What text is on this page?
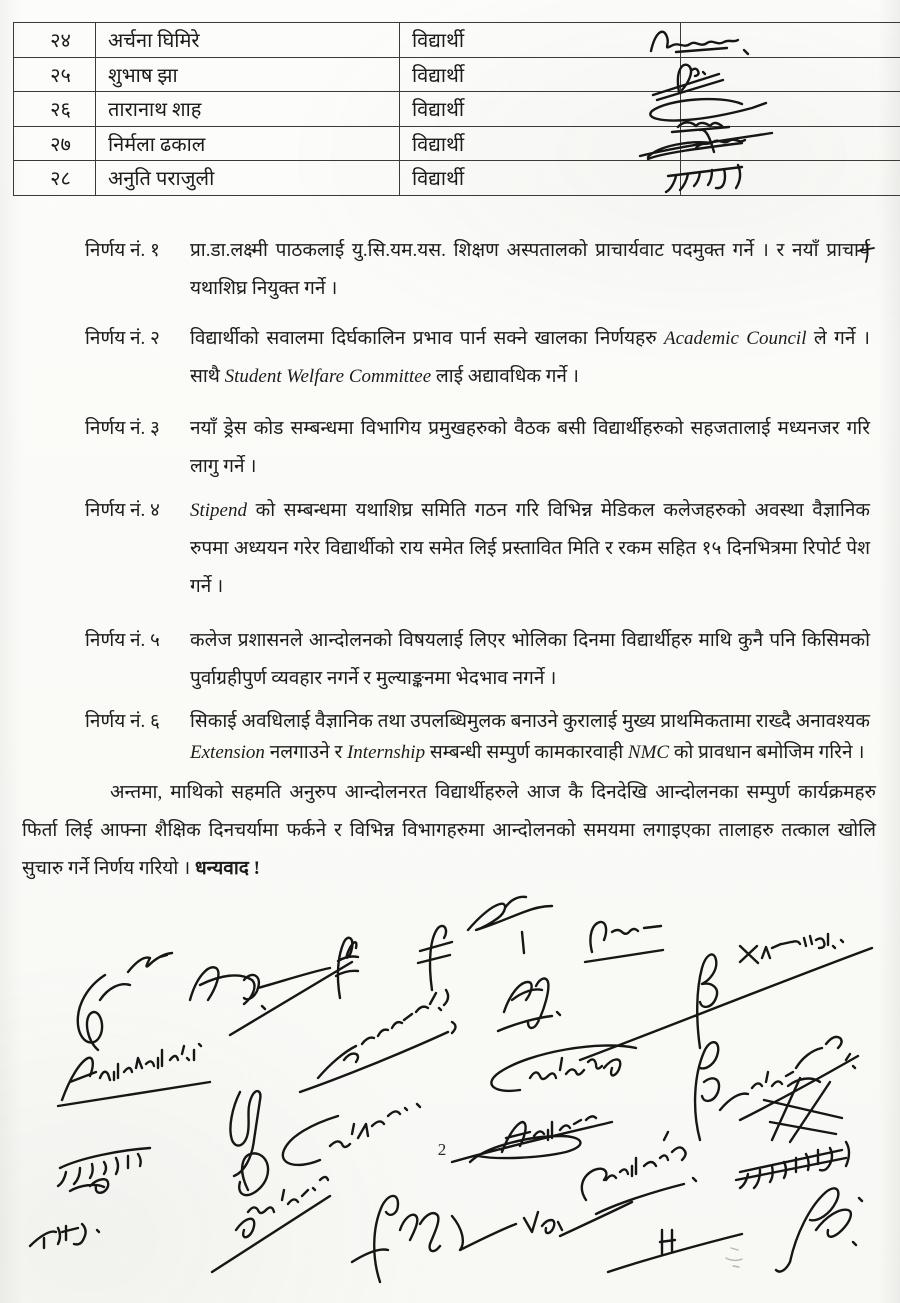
२४	अर्चना घिमिरे	विद्यार्थी	
२५	शुभाष झा	विद्यार्थी	
२६	तारानाथ शाह	विद्यार्थी	
२७	निर्मला ढकाल	विद्यार्थी	
२८	अनुति पराजुली	विद्यार्थी	
निर्णय नं. १ प्रा.डा.लक्ष्मी पाठकलाई यु.सि.यम.यस. शिक्षण अस्पतालको प्राचार्यवाट पदमुक्त गर्ने । र नयाँ प्राचार्य यथाशिघ्र नियुक्त गर्ने ।

निर्णय नं. २ विद्यार्थीको सवालमा दिर्घकालिन प्रभाव पार्न सक्ने खालका निर्णयहरु Academic Council ले गर्ने । साथै Student Welfare Committee लाई अद्यावधिक गर्ने ।

निर्णय नं. ३ नयाँ ड्रेस कोड सम्बन्धमा विभागिय प्रमुखहरुको वैठक बसी विद्यार्थीहरुको सहजतालाई मध्यनजर गरि लागु गर्ने ।

निर्णय नं. ४ Stipend को सम्बन्धमा यथाशिघ्र समिति गठन गरि विभिन्न मेडिकल कलेजहरुको अवस्था वैज्ञानिक रुपमा अध्ययन गरेर विद्यार्थीको राय समेत लिई प्रस्तावित मिति र रकम सहित १५ दिनभित्रमा रिपोर्ट पेश गर्ने ।

निर्णय नं. ५ कलेज प्रशासनले आन्दोलनको विषयलाई लिएर भोलिका दिनमा विद्यार्थीहरु माथि कुनै पनि किसिमको पुर्वाग्रहीपुर्ण व्यवहार नगर्ने र मुल्याङ्कनमा भेदभाव नगर्ने ।

निर्णय नं. ६ सिकाई अवधिलाई वैज्ञानिक तथा उपलब्धिमुलक बनाउने कुरालाई मुख्य प्राथमिकतामा राख्दै अनावश्यक Extension नलगाउने र Internship सम्बन्धी सम्पुर्ण कामकारवाही NMC को प्रावधान बमोजिम गरिने ।

अन्तमा, माथिको सहमति अनुरुप आन्दोलनरत विद्यार्थीहरुले आज कै दिनदेखि आन्दोलनका सम्पुर्ण कार्यक्रमहरु फिर्ता लिई आफ्ना शैक्षिक दिनचर्यामा फर्कने र विभिन्न विभागहरुमा आन्दोलनको समयमा लगाइएका तालाहरु तत्काल खोलि सुचारु गर्ने निर्णय गरियो । धन्यवाद !

2
